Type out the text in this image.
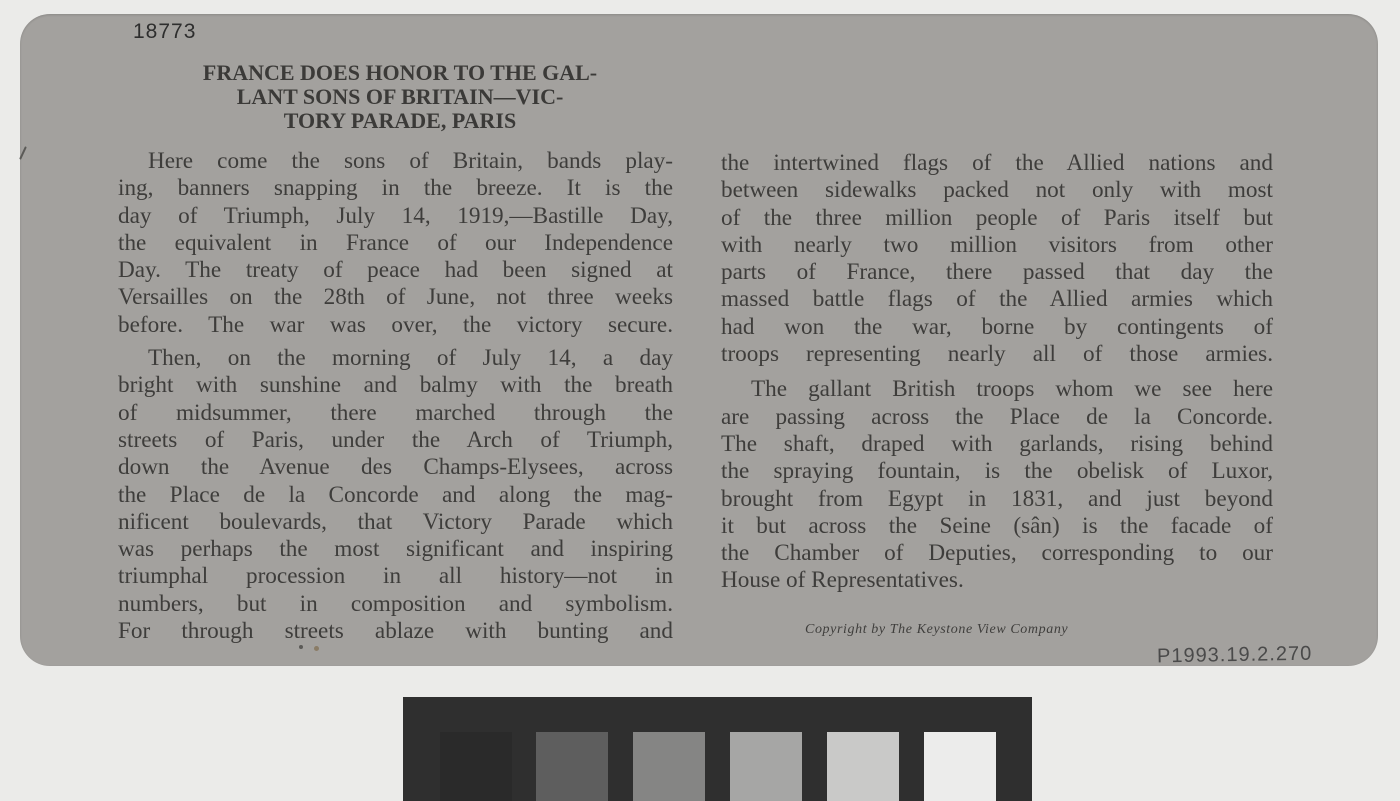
18773
FRANCE DOES HONOR TO THE GAL-
LANT SONS OF BRITAIN—VIC-
TORY PARADE, PARIS
Here come the sons of Britain, bands play-
ing, banners snapping in the breeze. It is the
day of Triumph, July 14, 1919,—Bastille Day,
the equivalent in France of our Independence
Day. The treaty of peace had been signed at
Versailles on the 28th of June, not three weeks
before. The war was over, the victory secure.
Then, on the morning of July 14, a day
bright with sunshine and balmy with the breath
of midsummer, there marched through the
streets of Paris, under the Arch of Triumph,
down the Avenue des Champs-Elysees, across
the Place de la Concorde and along the mag-
nificent boulevards, that Victory Parade which
was perhaps the most significant and inspiring
triumphal procession in all history—not in
numbers, but in composition and symbolism.
For through streets ablaze with bunting and
the intertwined flags of the Allied nations and
between sidewalks packed not only with most
of the three million people of Paris itself but
with nearly two million visitors from other
parts of France, there passed that day the
massed battle flags of the Allied armies which
had won the war, borne by contingents of
troops representing nearly all of those armies.
The gallant British troops whom we see here
are passing across the Place de la Concorde.
The shaft, draped with garlands, rising behind
the spraying fountain, is the obelisk of Luxor,
brought from Egypt in 1831, and just beyond
it but across the Seine (sân) is the facade of
the Chamber of Deputies, corresponding to our
House of Representatives.
Copyright by The Keystone View Company
P1993.19.2.270
